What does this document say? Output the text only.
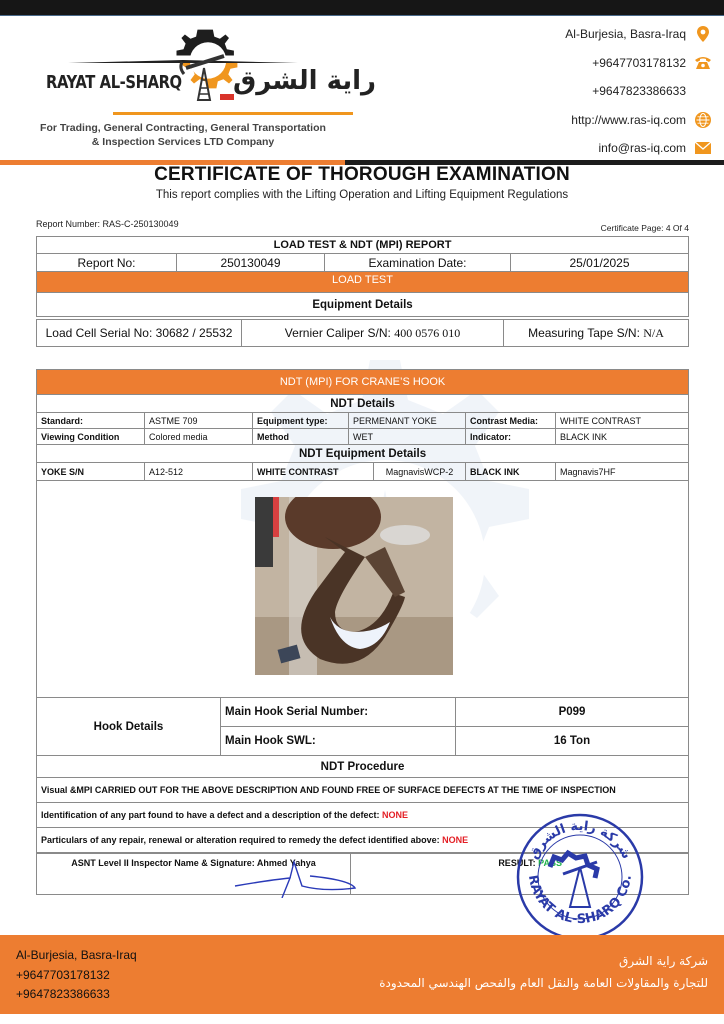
RAYAT AL-SHARQ راية الشرق
For Trading, General Contracting, General Transportation
& Inspection Services LTD Company
Al-Burjesia, Basra-Iraq
+9647703178132
+9647823386633
http://www.ras-iq.com
info@ras-iq.com
CERTIFICATE OF THOROUGH EXAMINATION
This report complies with the Lifting Operation and Lifting Equipment Regulations
Report Number: RAS-C-250130049	Certificate Page: 4 Of 4
LOAD TEST & NDT (MPI) REPORT
Report No:	250130049	Examination Date:	25/01/2025
LOAD TEST
Equipment Details
Load Cell Serial No: 30682 / 25532	Vernier Caliper S/N: 400 0576 010	Measuring Tape S/N: N/A
NDT (MPI) FOR CRANE’S HOOK					
NDT Details					
Standard:	ASTME 709	Equipment type:	PERMENANT YOKE	Contrast Media:	WHITE CONTRAST
Viewing Condition	Colored media	Method	WET	Indicator:	BLACK INK
NDT Equipment Details					
YOKE S/N	A12-512	WHITE CONTRAST	MagnavisWCP-2	BLACK INK	Magnavis7HF

Hook Details	Main Hook Serial Number:	P099
	Main Hook SWL:	16 Ton
NDT Procedure		
Visual &MPI CARRIED OUT FOR THE ABOVE DESCRIPTION AND FOUND FREE OF SURFACE DEFECTS AT THE TIME OF INSPECTION		
Identification of any part found to have a defect and a description of the defect: NONE		
Particulars of any repair, renewal or alteration required to remedy the defect identified above: NONE		
ASNT Level II Inspector Name & Signature: Ahmed Yahya	RESULT: PASS
شركة راية الشرق
RAYAT AL-SHARQ Co.
Al-Burjesia, Basra-Iraq
+9647703178132
+9647823386633
شركة راية الشرق
للتجارة والمقاولات العامة والنقل العام والفحص الهندسي المحدودة
